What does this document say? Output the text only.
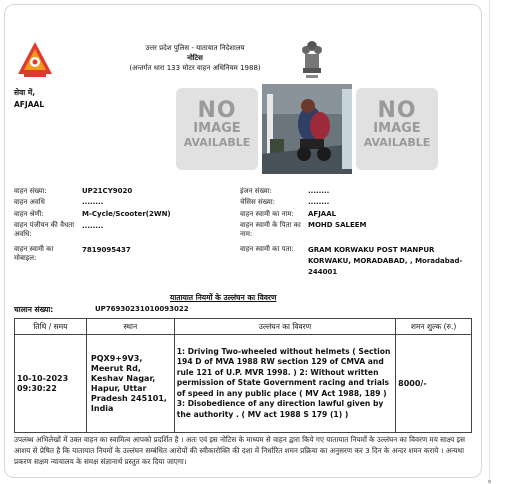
उत्तर प्रदेश पुलिस - यातायात निदेशालय
नोटिस
(अन्तर्गत धारा 133 मोटर वाहन अधिनियम 1988)
सेवा में,
AFJAAL	NO
IMAGE
AVAILABLE
NO
IMAGE
AVAILABLE
वाहन संख्या:	UP21CY9020
वाहन अवधि	........
वाहन श्रेणी:	M-Cycle/Scooter(2WN)
वाहन पंजीयन की वैधता अवधि:
........
वाहन स्वामी का मोबाइल:
7819095437
इंजन संख्या:	........
चेसिस संख्या:	........
वाहन स्वामी का नाम: AFJAAL
वाहन स्वामी के पिता का नाम:
MOHD SALEEM
वाहन स्वामी का पता: GRAM KORWAKU POST MANPUR KORWAKU, MORADABAD, , Moradabad-244001
यातायात नियमों के उल्लंघन का विवरण
चालान संख्या:	UP76930231010093022
तिथि / समय	स्थान	उल्लंघन का विवरण	शमन शुल्क (रु.)
10-10-2023 09:30:22	PQX9+9V3, Meerut Rd, Keshav Nagar, Hapur, Uttar Pradesh 245101, India	1: Driving Two-wheeled without helmets ( Section 194 D of MVA 1988 RW section 129 of CMVA and rule 121 of U.P. MVR 1998. ) 2: Without written permission of State Government racing and trials of speed in any public place ( MV Act 1988, 189 ) 3: Disobedience of any direction lawful given by the authority . ( MV act 1988 S 179 (1) )	8000/-
उपलब्ध अभिलेखों में उक्त वाहन का स्वामित्व आपको प्रदर्शित है । अतः एवं इस नोटिस के माध्यम से वाहन द्वारा किये गए यातायात नियमों के उल्लंघन का विवरण मय साक्ष्य इस आशय से प्रेषित है कि यातायात नियमों के उल्लंघन सम्बंधित आरोपों की स्वीकारोक्ति की दशा में निर्धारित शमन प्रक्रिया का अनुसरण कर 3 दिन के अन्दर शमन कराये । अन्यथा प्रकरण सक्षम न्यायालय के समक्ष संज्ञानार्थ प्रस्तुत कर दिया जाएगा।
